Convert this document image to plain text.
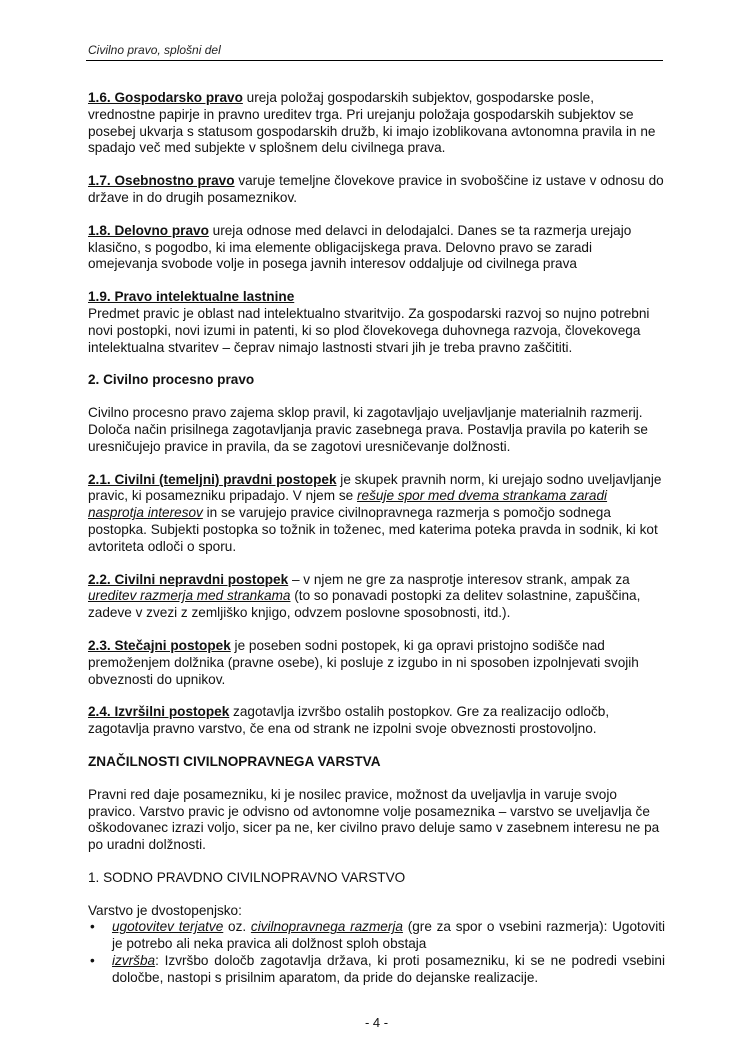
Civilno pravo, splošni del

1.6. Gospodarsko pravo ureja položaj gospodarskih subjektov, gospodarske posle, vrednostne papirje in pravno ureditev trga. Pri urejanju položaja gospodarskih subjektov se posebej ukvarja s statusom gospodarskih družb, ki imajo izoblikovana avtonomna pravila in ne spadajo več med subjekte v splošnem delu civilnega prava.

1.7. Osebnostno pravo varuje temeljne človekove pravice in svoboščine iz ustave v odnosu do države in do drugih posameznikov.

1.8. Delovno pravo ureja odnose med delavci in delodajalci. Danes se ta razmerja urejajo klasično, s pogodbo, ki ima elemente obligacijskega prava. Delovno pravo se zaradi omejevanja svobode volje in posega javnih interesov oddaljuje od civilnega prava

1.9. Pravo intelektualne lastnine
Predmet pravic je oblast nad intelektualno stvaritvijo. Za gospodarski razvoj so nujno potrebni novi postopki, novi izumi in patenti, ki so plod človekovega duhovnega razvoja, človekovega intelektualna stvaritev – čeprav nimajo lastnosti stvari jih je treba pravno zaščititi.

2. Civilno procesno pravo

Civilno procesno pravo zajema sklop pravil, ki zagotavljajo uveljavljanje materialnih razmerij. Določa način prisilnega zagotavljanja pravic zasebnega prava. Postavlja pravila po katerih se uresničujejo pravice in pravila, da se zagotovi uresničevanje dolžnosti.

2.1. Civilni (temeljni) pravdni postopek je skupek pravnih norm, ki urejajo sodno uveljavljanje pravic, ki posamezniku pripadajo. V njem se rešuje spor med dvema strankama zaradi nasprotja interesov in se varujejo pravice civilnopravnega razmerja s pomočjo sodnega postopka. Subjekti postopka so tožnik in toženec, med katerima poteka pravda in sodnik, ki kot avtoriteta odloči o sporu.

2.2. Civilni nepravdni postopek – v njem ne gre za nasprotje interesov strank, ampak za ureditev razmerja med strankama (to so ponavadi postopki za delitev solastnine, zapuščina, zadeve v zvezi z zemljiško knjigo, odvzem poslovne sposobnosti, itd.).

2.3. Stečajni postopek je poseben sodni postopek, ki ga opravi pristojno sodišče nad premoženjem dolžnika (pravne osebe), ki posluje z izgubo in ni sposoben izpolnjevati svojih obveznosti do upnikov.

2.4. Izvršilni postopek zagotavlja izvršbo ostalih postopkov. Gre za realizacijo odločb, zagotavlja pravno varstvo, če ena od strank ne izpolni svoje obveznosti prostovoljno.

ZNAČILNOSTI CIVILNOPRAVNEGA VARSTVA

Pravni red daje posamezniku, ki je nosilec pravice, možnost da uveljavlja in varuje svojo pravico. Varstvo pravic je odvisno od avtonomne volje posameznika – varstvo se uveljavlja če oškodovanec izrazi voljo, sicer pa ne, ker civilno pravo deluje samo v zasebnem interesu ne pa po uradni dolžnosti.

1. SODNO PRAVDNO CIVILNOPRAVNO VARSTVO

Varstvo je dvostopenjsko:

• ugotovitev terjatve oz. civilnopravnega razmerja (gre za spor o vsebini razmerja): Ugotoviti je potrebo ali neka pravica ali dolžnost sploh obstaja
• izvršba: Izvršbo določb zagotavlja država, ki proti posamezniku, ki se ne podredi vsebini določbe, nastopi s prisilnim aparatom, da pride do dejanske realizacije.
- 4 -
